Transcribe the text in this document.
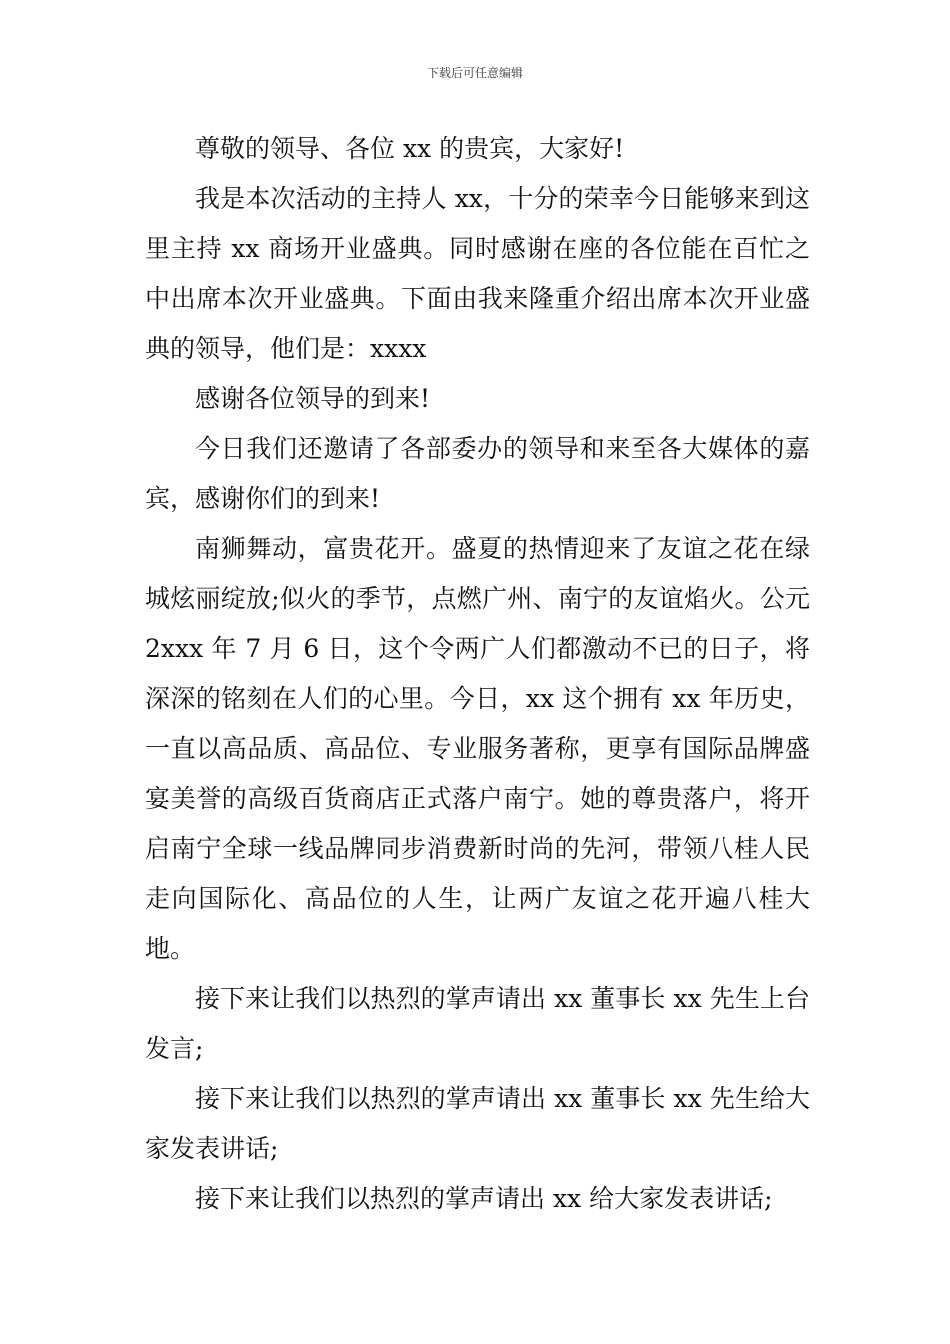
下载后可任意编辑

尊敬的领导、各位 xx 的贵宾，大家好!

我是本次活动的主持人 xx，十分的荣幸今日能够来到这里主持 xx 商场开业盛典。同时感谢在座的各位能在百忙之中出席本次开业盛典。下面由我来隆重介绍出席本次开业盛典的领导，他们是：xxxx

感谢各位领导的到来!

今日我们还邀请了各部委办的领导和来至各大媒体的嘉宾，感谢你们的到来!

南狮舞动，富贵花开。盛夏的热情迎来了友谊之花在绿城炫丽绽放;似火的季节，点燃广州、南宁的友谊焰火。公元 2xxx 年 7 月 6 日，这个令两广人们都激动不已的日子，将深深的铭刻在人们的心里。今日，xx 这个拥有 xx 年历史，一直以高品质、高品位、专业服务著称，更享有国际品牌盛宴美誉的高级百货商店正式落户南宁。她的尊贵落户，将开启南宁全球一线品牌同步消费新时尚的先河，带领八桂人民走向国际化、高品位的人生，让两广友谊之花开遍八桂大地。

接下来让我们以热烈的掌声请出 xx 董事长 xx 先生上台发言;

接下来让我们以热烈的掌声请出 xx 董事长 xx 先生给大家发表讲话;

接下来让我们以热烈的掌声请出 xx 给大家发表讲话;
